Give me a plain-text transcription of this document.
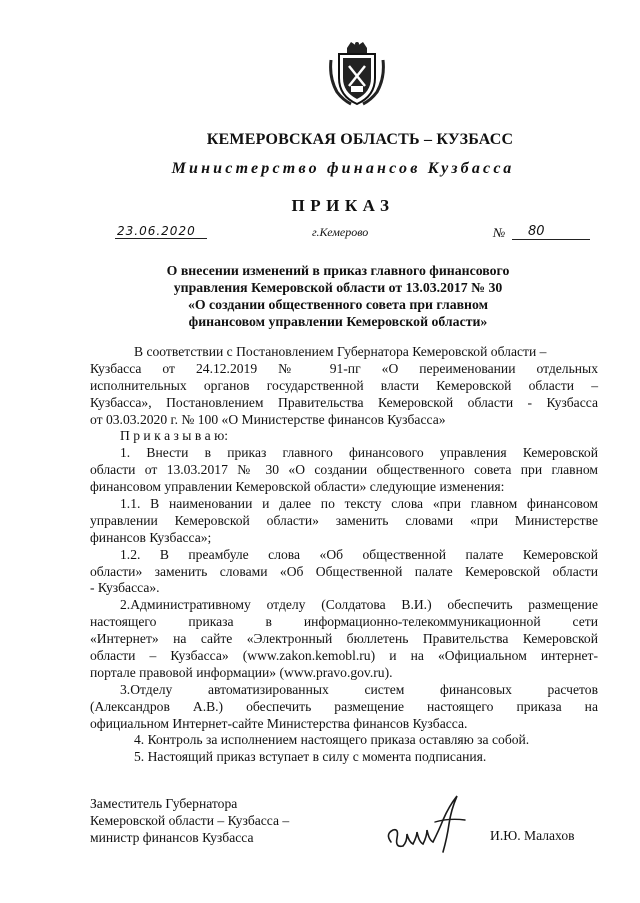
КЕМЕРОВСКАЯ ОБЛАСТЬ – КУЗБАСС
Министерство финансов Кузбасса
ПРИКАЗ
23.06.2020	г.Кемерово	№	80
О внесении изменений в приказ главного финансового
управления Кемеровской области от 13.03.2017 № 30
«О создании общественного совета при главном
финансовом управлении Кемеровской области»
В соответствии с Постановлением Губернатора Кемеровской области –
Кузбасса от 24.12.2019 № 91-пг «О переименовании отдельных
исполнительных органов государственной власти Кемеровской области –
Кузбасса», Постановлением Правительства Кемеровской области - Кузбасса
от 03.03.2020 г. № 100 «О Министерстве финансов Кузбасса»
П р и к а з ы в а ю:
1. Внести в приказ главного финансового управления Кемеровской
области от 13.03.2017 № 30 «О создании общественного совета при главном
финансовом управлении Кемеровской области» следующие изменения:
1.1. В наименовании и далее по тексту слова «при главном финансовом
управлении Кемеровской области» заменить словами «при Министерстве
финансов Кузбасса»;
1.2. В преамбуле слова «Об общественной палате Кемеровской
области» заменить словами «Об Общественной палате Кемеровской области
- Кузбасса».
2.Административному отделу (Солдатова В.И.) обеспечить размещение
настоящего приказа в информационно-телекоммуникационной сети
«Интернет» на сайте «Электронный бюллетень Правительства Кемеровской
области – Кузбасса» (www.zakon.kemobl.ru) и на «Официальном интернет-
портале правовой информации» (www.pravo.gov.ru).
3.Отделу автоматизированных систем финансовых расчетов
(Александров А.В.) обеспечить размещение настоящего приказа на
официальном Интернет-сайте Министерства финансов Кузбасса.
4. Контроль за исполнением настоящего приказа оставляю за собой.
5. Настоящий приказ вступает в силу с момента подписания.
Заместитель Губернатора
Кемеровской области – Кузбасса –
министр финансов Кузбасса	И.Ю. Малахов
